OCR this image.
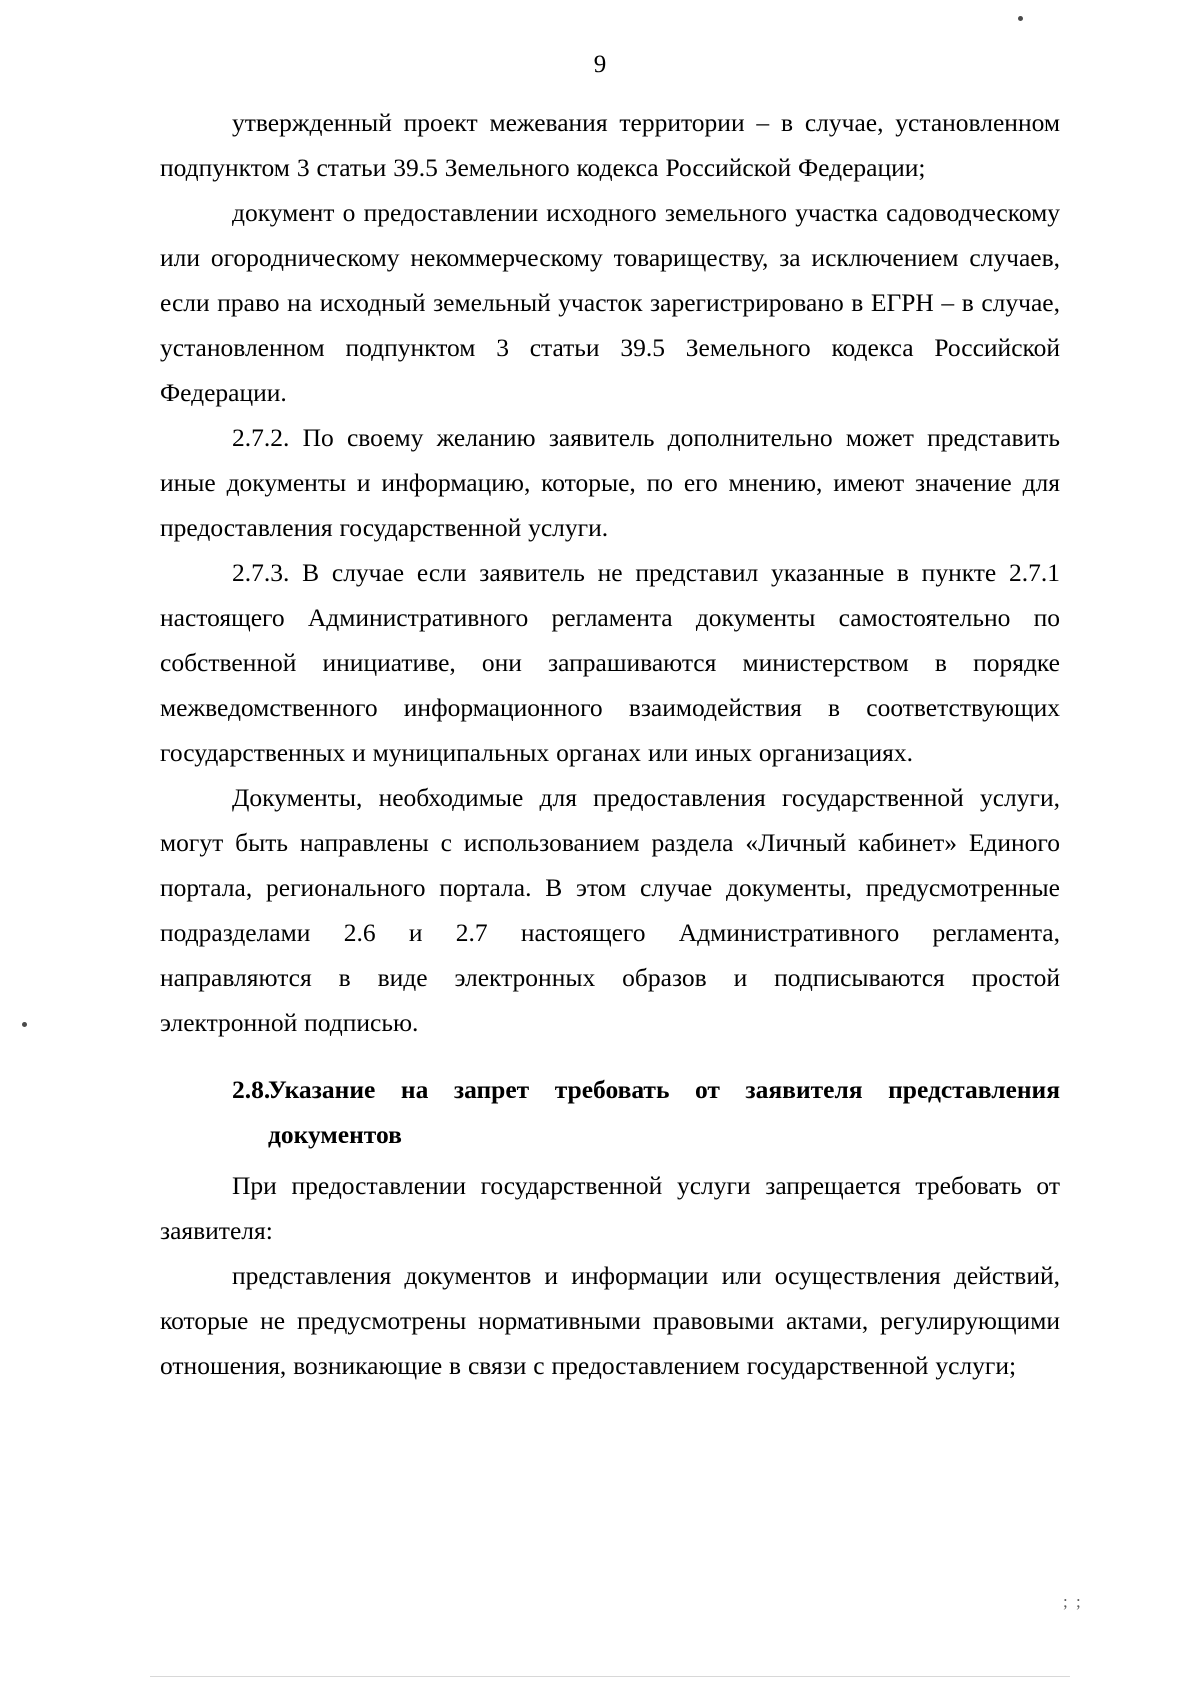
9

утвержденный проект межевания территории – в случае, установленном подпунктом 3 статьи 39.5 Земельного кодекса Российской Федерации;

документ о предоставлении исходного земельного участка садоводческому или огородническому некоммерческому товариществу, за исключением случаев, если право на исходный земельный участок зарегистрировано в ЕГРН – в случае, установленном подпунктом 3 статьи 39.5 Земельного кодекса Российской Федерации.

2.7.2. По своему желанию заявитель дополнительно может представить иные документы и информацию, которые, по его мнению, имеют значение для предоставления государственной услуги.

2.7.3. В случае если заявитель не представил указанные в пункте 2.7.1 настоящего Административного регламента документы самостоятельно по собственной инициативе, они запрашиваются министерством в порядке межведомственного информационного взаимодействия в соответствующих государственных и муниципальных органах или иных организациях.

Документы, необходимые для предоставления государственной услуги, могут быть направлены с использованием раздела «Личный кабинет» Единого портала, регионального портала. В этом случае документы, предусмотренные подразделами 2.6 и 2.7 настоящего Административного регламента, направляются в виде электронных образов и подписываются простой электронной подписью.

2.8.
Указание на запрет требовать от заявителя представления
документов

При предоставлении государственной услуги запрещается требовать от заявителя:

представления документов и информации или осуществления действий, которые не предусмотрены нормативными правовыми актами, регулирующими отношения, возникающие в связи с предоставлением государственной услуги;

; ;
